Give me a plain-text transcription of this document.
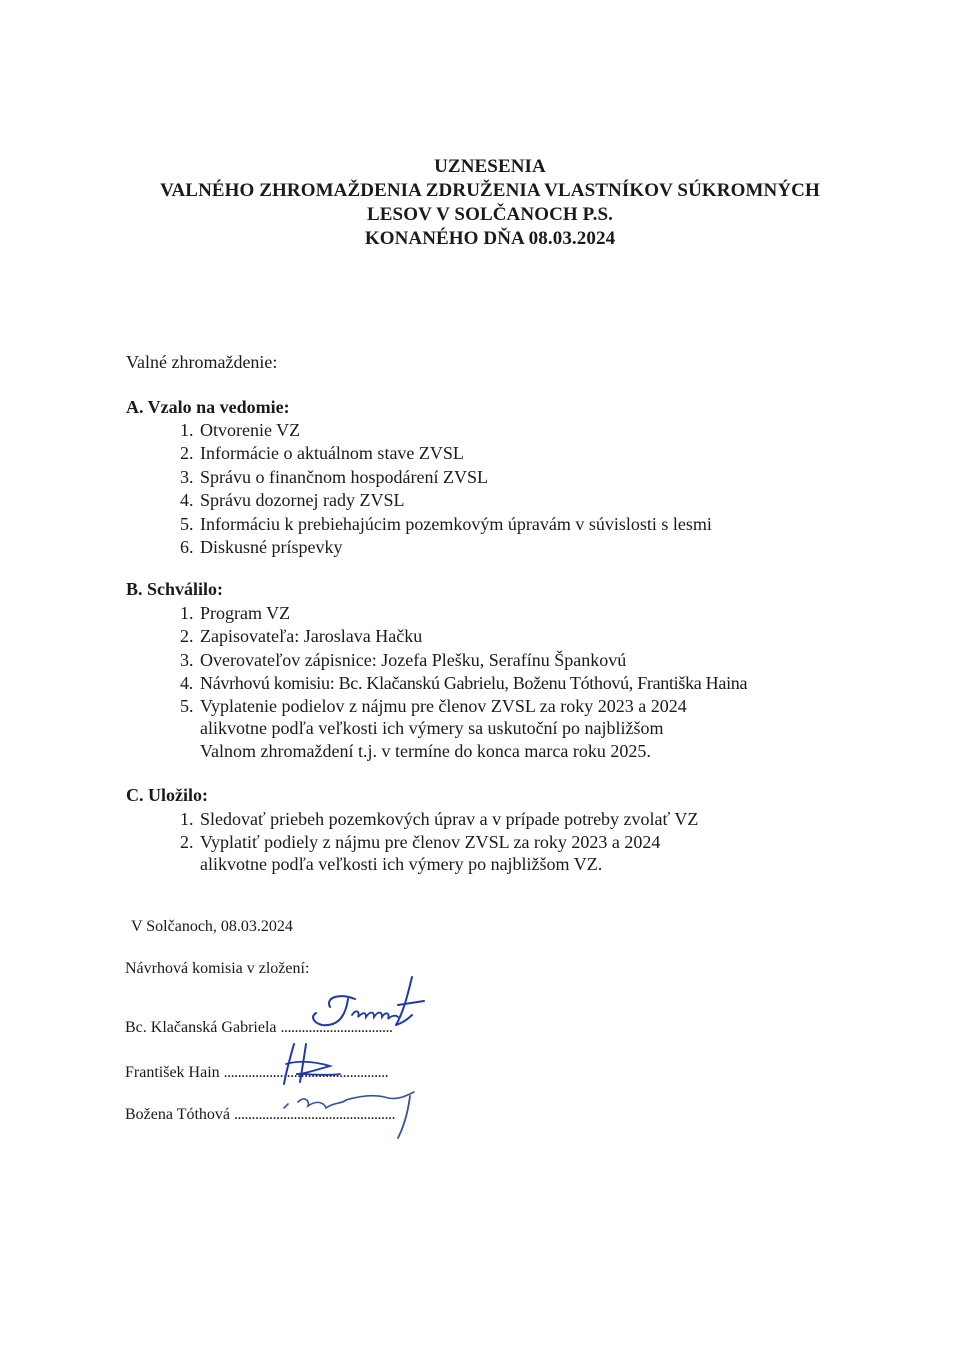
UZNESENIA
VALNÉHO ZHROMAŽDENIA ZDRUŽENIA VLASTNÍKOV SÚKROMNÝCH
LESOV V SOLČANOCH P.S.
KONANÉHO DŇA 08.03.2024
Valné zhromaždenie:
A. Vzalo na vedomie:
1. Otvorenie VZ
2. Informácie o aktuálnom stave ZVSL
3. Správu o finančnom hospodárení ZVSL
4. Správu dozornej rady ZVSL
5. Informáciu k prebiehajúcim pozemkovým úpravám v súvislosti s lesmi
6. Diskusné príspevky
B. Schválilo:
1. Program VZ
2. Zapisovateľa: Jaroslava Hačku
3. Overovateľov zápisnice: Jozefa Plešku, Serafínu Špankovú
4. Návrhovú komisiu: Bc. Klačanskú Gabrielu, Boženu Tóthovú, Františka Haina
5. Vyplatenie podielov z nájmu pre členov ZVSL za roky 2023 a 2024
alikvotne podľa veľkosti ich výmery sa uskutoční po najbližšom
Valnom zhromaždení t.j. v termíne do konca marca roku 2025.
C. Uložilo:
1. Sledovať priebeh pozemkových úprav a v prípade potreby zvolať VZ
2. Vyplatiť podiely z nájmu pre členov ZVSL za roky 2023 a 2024
alikvotne podľa veľkosti ich výmery po najbližšom VZ.
V Solčanoch, 08.03.2024
Návrhová komisia v zložení:
Bc. Klačanská Gabriela ................................
František Hain ...............................................
Božena Tóthová ..............................................
